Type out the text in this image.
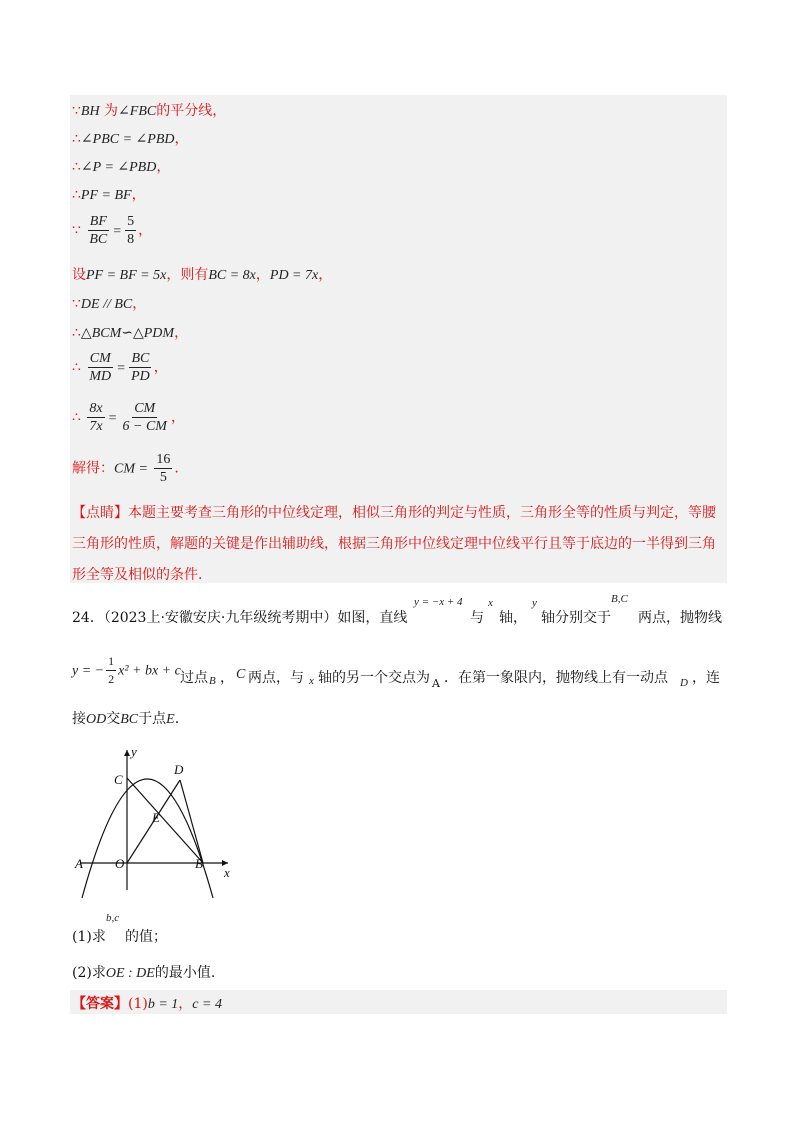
∵BH 为∠FBC的平分线，
∴∠PBC = ∠PBD，
∴∠P = ∠PBD，
∴PF = BF，
∵ $\frac{BF}{BC} = \frac{5}{8}$ ，
设PF = BF = 5x，则有BC = 8x，PD = 7x，
∵DE // BC，
∴△BCM∽△PDM，
∴ $\frac{CM}{MD} = \frac{BC}{PD}$ ，
∴ $\frac{8x}{7x} = \frac{CM}{6 - CM}$ ，
解得：CM = $\frac{16}{5}$ .
【点睛】本题主要考查三角形的中位线定理，相似三角形的判定与性质，三角形全等的性质与判定，等腰三角形的性质，解题的关键是作出辅助线，根据三角形中位线定理中位线平行且等于底边的一半得到三角形全等及相似的条件.
24．（2023上·安徽安庆·九年级统考期中）如图，直线
y = −x + 4
与
x
轴，
y
轴分别交于
B,C
两点，抛物线
y = − $\frac{1}{2} x^2$ + bx + c 过点 B ， C 两点，与 x 轴的另一个交点为 A ．在第一象限内，抛物线上有一动点 D ，连
接OD交BC于点E.
y
x
C
D
E
A O	B
(1)求
b,c
的值；
(2)求OE : DE的最小值.
【答案】(1)b = 1，c = 4
